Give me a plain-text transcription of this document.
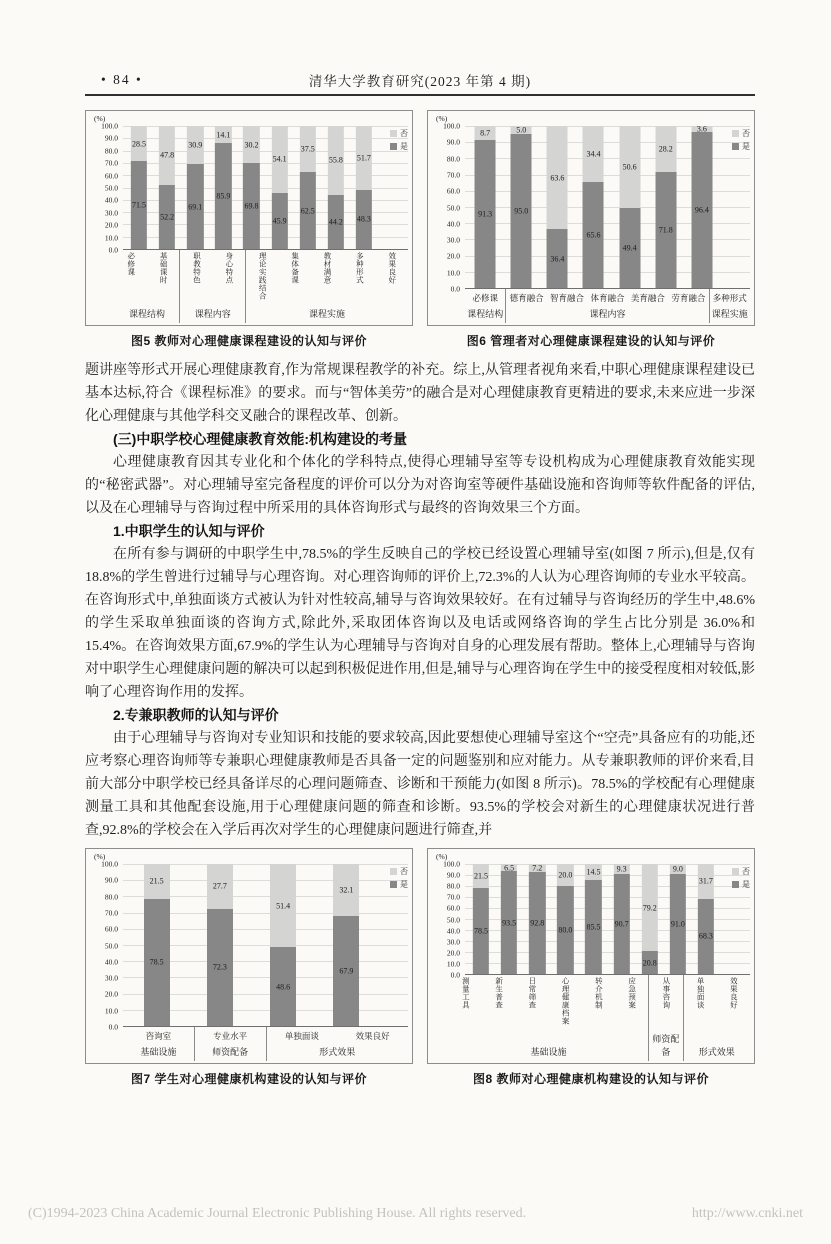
• 84 •	清华大学教育研究(2023 年第 4 期)
(%)
0.0
10.0
20.0
30.0
40.0
50.0
60.0
70.0
80.0
90.0
100.0
71.5
28.5
52.2
47.8
69.1
30.9
85.9
14.1
69.8
30.2
45.9
54.1
62.5
37.5
44.2
55.8
48.3
51.7
否
是
必修课	基础课时
课程结构
职教特色	身心特点
课程内容
理论实践结合	集体备课	教材满意	多种形式	效果良好
课程实施
图5 教师对心理健康课程建设的认知与评价
(%)
0.0
10.0
20.0
30.0
40.0
50.0
60.0
70.0
80.0
90.0
100.0
91.3
8.7
95.0
5.0
36.4
63.6
65.6
34.4
49.4
50.6
71.8
28.2
96.4
3.6
否
是
必修课
课程结构
德育融合 智育融合 体育融合 美育融合 劳育融合
课程内容
多种形式
课程实施
图6 管理者对心理健康课程建设的认知与评价

题讲座等形式开展心理健康教育,作为常规课程教学的补充。综上,从管理者视角来看,中职心理健康课程建设已基本达标,符合《课程标准》的要求。而与“智体美劳”的融合是对心理健康教育更精进的要求,未来应进一步深化心理健康与其他学科交叉融合的课程改革、创新。

(三)中职学校心理健康教育效能:机构建设的考量

心理健康教育因其专业化和个体化的学科特点,使得心理辅导室等专设机构成为心理健康教育效能实现的“秘密武器”。对心理辅导室完备程度的评价可以分为对咨询室等硬件基础设施和咨询师等软件配备的评估,以及在心理辅导与咨询过程中所采用的具体咨询形式与最终的咨询效果三个方面。

1.中职学生的认知与评价

在所有参与调研的中职学生中,78.5%的学生反映自己的学校已经设置心理辅导室(如图 7 所示),但是,仅有 18.8%的学生曾进行过辅导与心理咨询。对心理咨询师的评价上,72.3%的人认为心理咨询师的专业水平较高。在咨询形式中,单独面谈方式被认为针对性较高,辅导与咨询效果较好。在有过辅导与咨询经历的学生中,48.6%的学生采取单独面谈的咨询方式,除此外,采取团体咨询以及电话或网络咨询的学生占比分别是 36.0%和 15.4%。在咨询效果方面,67.9%的学生认为心理辅导与咨询对自身的心理发展有帮助。整体上,心理辅导与咨询对中职学生心理健康问题的解决可以起到积极促进作用,但是,辅导与心理咨询在学生中的接受程度相对较低,影响了心理咨询作用的发挥。

2.专兼职教师的认知与评价

由于心理辅导与咨询对专业知识和技能的要求较高,因此要想使心理辅导室这个“空壳”具备应有的功能,还应考察心理咨询师等专兼职心理健康教师是否具备一定的问题鉴别和应对能力。从专兼职教师的评价来看,目前大部分中职学校已经具备详尽的心理问题筛查、诊断和干预能力(如图 8 所示)。78.5%的学校配有心理健康测量工具和其他配套设施,用于心理健康问题的筛查和诊断。93.5%的学校会对新生的心理健康状况进行普查,92.8%的学校会在入学后再次对学生的心理健康问题进行筛查,并

(%)
0.0
10.0
20.0
30.0
40.0
50.0
60.0
70.0
80.0
90.0
100.0
78.5
21.5
72.3
27.7
48.6
51.4
67.9
32.1
否
是
咨询室
基础设施
专业水平
师资配备
单独面谈	效果良好
形式效果
图7 学生对心理健康机构建设的认知与评价
(%)
0.0
10.0
20.0
30.0
40.0
50.0
60.0
70.0
80.0
90.0
100.0
78.5
21.5
93.5
6.5
92.8
7.2
80.0
20.0
85.5
14.5
90.7
9.3
20.8
79.2
91.0
9.0
68.3
31.7
否
是
测量工具	新生普查	日常筛查	心理健康档案	转介机制	应急预案
基础设施
从事咨询
师资配备
单独面谈	效果良好
形式效果
图8 教师对心理健康机构建设的认知与评价
(C)1994-2023 China Academic Journal Electronic Publishing House. All rights reserved.	http://www.cnki.net
